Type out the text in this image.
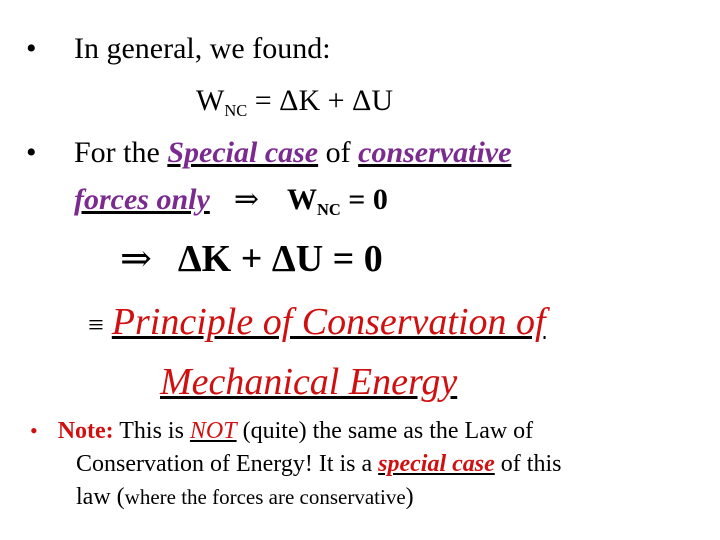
• In general, we found:
$W_{NC} = \Delta K + \Delta U$
• For the Special case of conservative
forces only ⇒ $W_{NC} = 0$
⇒ ΔK + ΔU = 0
≡ Principle of Conservation of
Mechanical Energy
• Note: This is NOT (quite) the same as the Law of
Conservation of Energy! It is a special case of this
law (where the forces are conservative)
